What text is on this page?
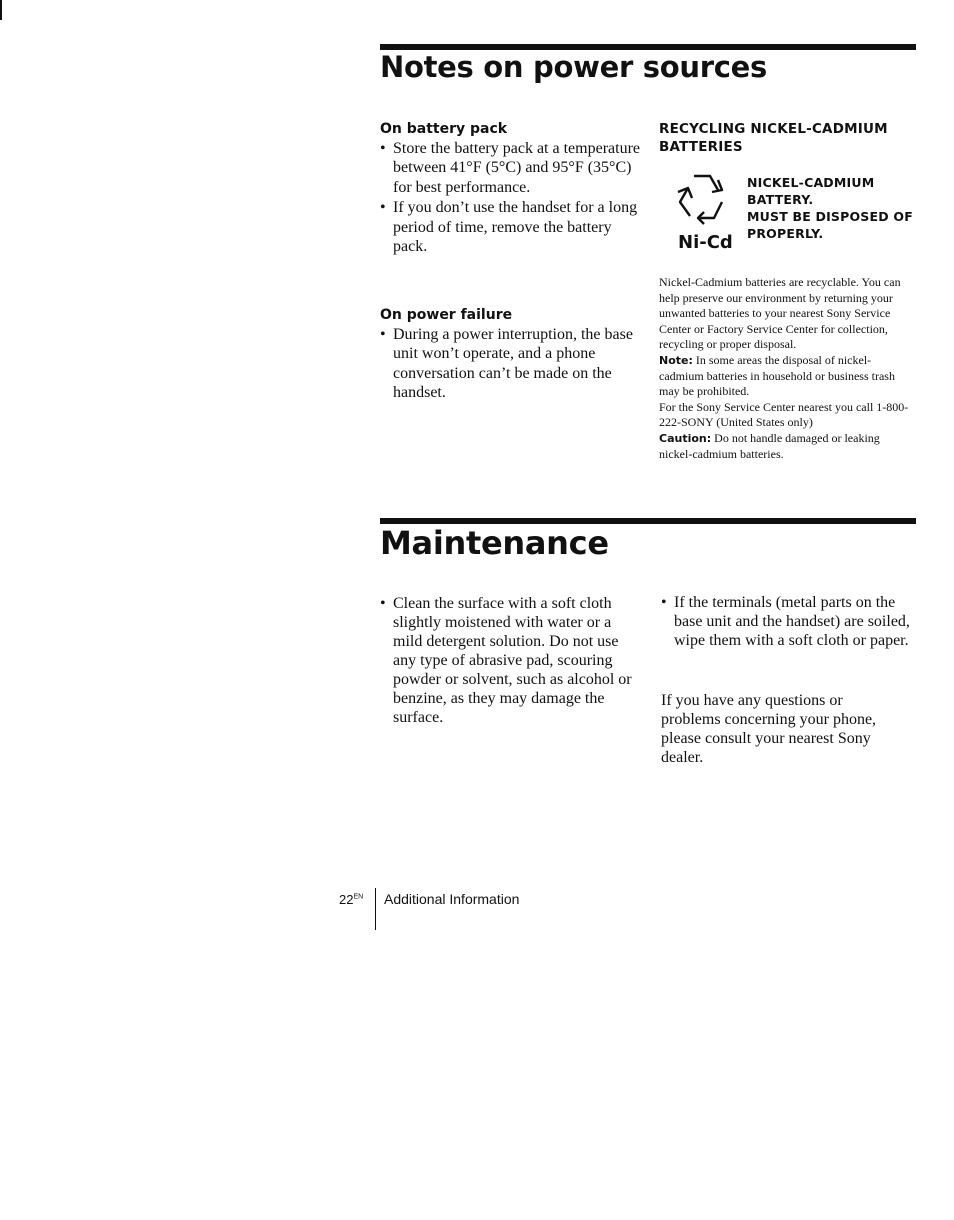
Notes on power sources
On battery pack
• Store the battery pack at a temperature between 41°F (5°C) and 95°F (35°C) for best performance.
• If you don’t use the handset for a long period of time, remove the battery pack.
On power failure
• During a power interruption, the base unit won’t operate, and a phone conversation can’t be made on the handset.
RECYCLING NICKEL-CADMIUM
BATTERIES
Ni-Cd
NICKEL-CADMIUM
BATTERY.
MUST BE DISPOSED OF
PROPERLY.
Nickel-Cadmium batteries are recyclable. You can help preserve our environment by returning your unwanted batteries to your nearest Sony Service Center or Factory Service Center for collection, recycling or proper disposal.
Note: In some areas the disposal of nickel-cadmium batteries in household or business trash may be prohibited.
For the Sony Service Center nearest you call 1-800-222-SONY (United States only)
Caution: Do not handle damaged or leaking nickel-cadmium batteries.
Maintenance
• Clean the surface with a soft cloth slightly moistened with water or a mild detergent solution. Do not use any type of abrasive pad, scouring powder or solvent, such as alcohol or benzine, as they may damage the surface.
• If the terminals (metal parts on the base unit and the handset) are soiled, wipe them with a soft cloth or paper.
If you have any questions or problems concerning your phone, please consult your nearest Sony dealer.
$22^{EN}$ Additional Information
